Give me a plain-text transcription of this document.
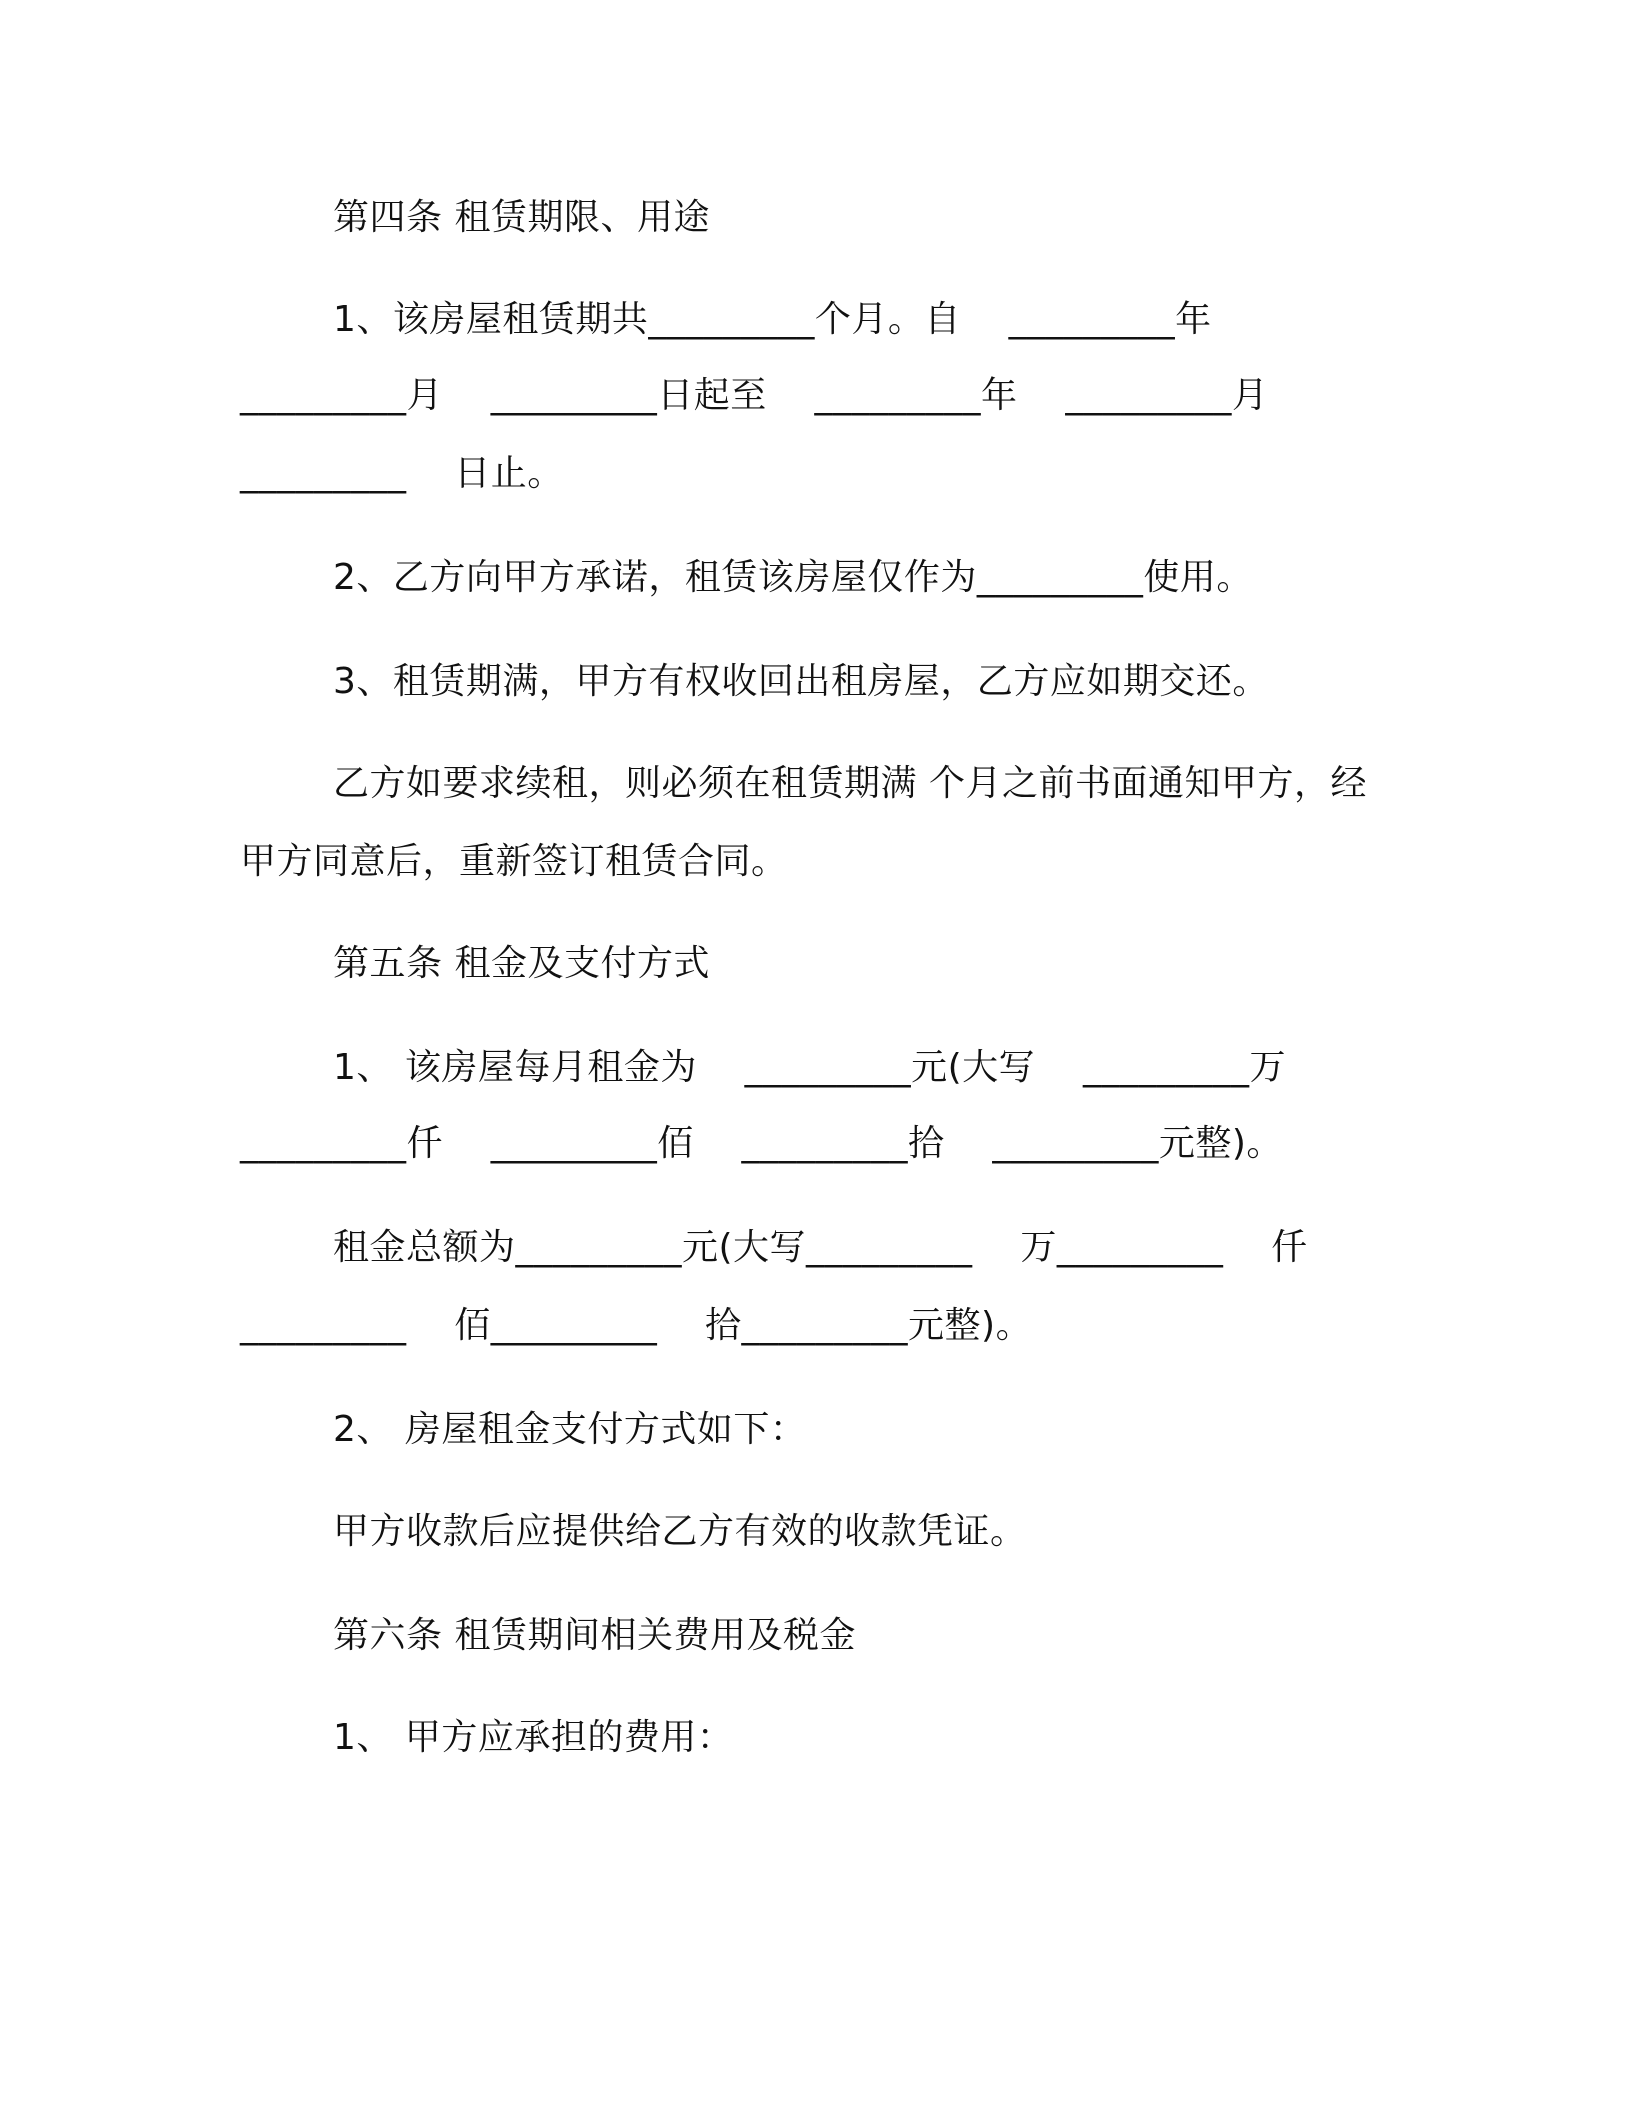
第四条 租赁期限、用途
1、该房屋租赁期共_________个月。自    _________年
_________月    _________日起至    _________年    _________月
_________    日止。
2、乙方向甲方承诺，租赁该房屋仅作为_________使用。
3、租赁期满，甲方有权收回出租房屋，乙方应如期交还。
乙方如要求续租，则必须在租赁期满 个月之前书面通知甲方，经
甲方同意后，重新签订租赁合同。
第五条 租金及支付方式
1、 该房屋每月租金为    _________元(大写    _________万
_________仟    _________佰    _________拾    _________元整)。
租金总额为_________元(大写_________    万_________    仟
_________    佰_________    拾_________元整)。
2、 房屋租金支付方式如下：
甲方收款后应提供给乙方有效的收款凭证。
第六条 租赁期间相关费用及税金
1、 甲方应承担的费用：
